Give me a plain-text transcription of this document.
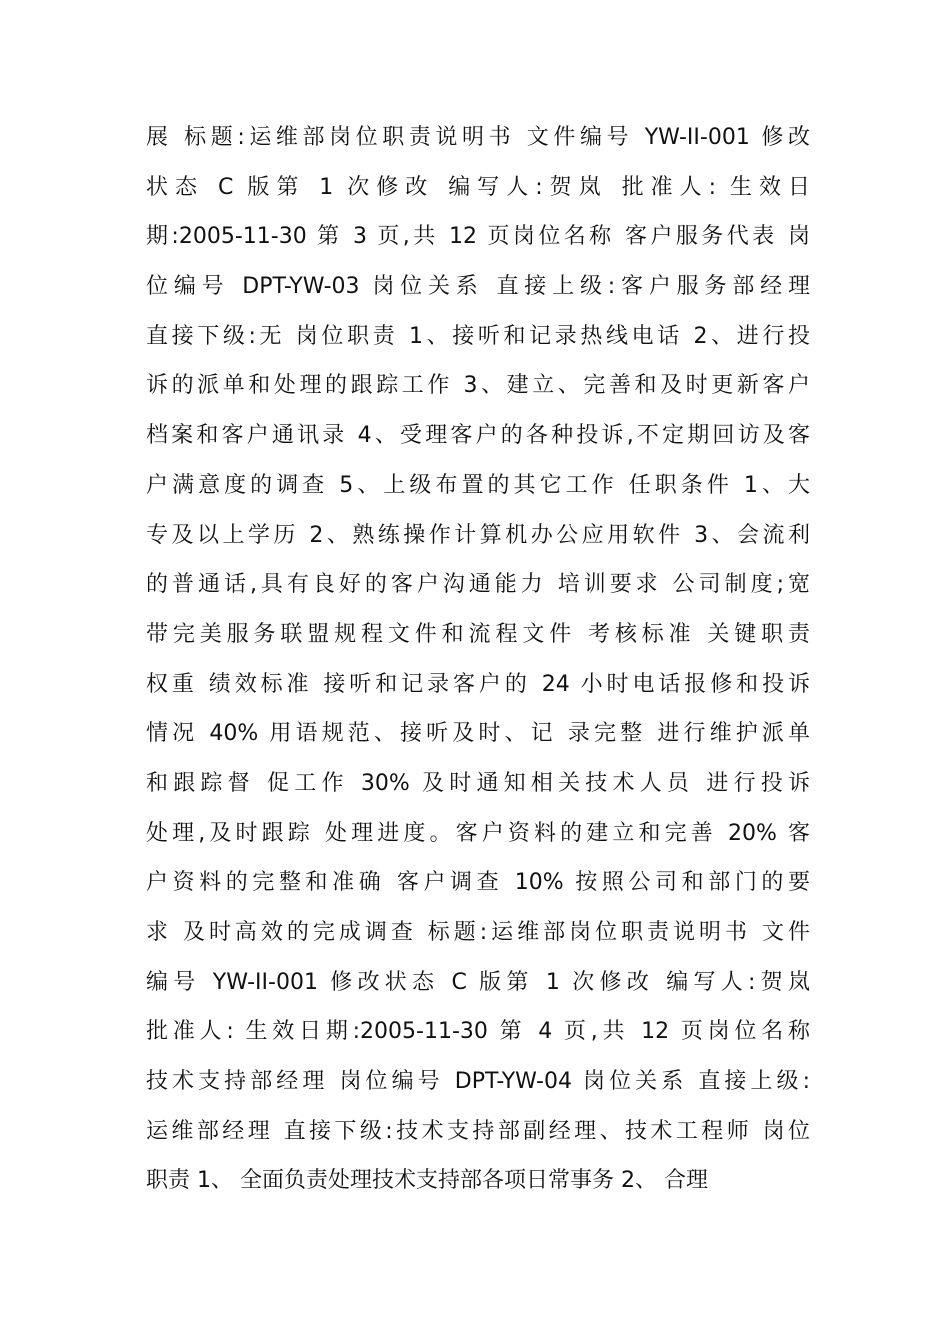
展 标题:运维部岗位职责说明书 文件编号 YW-II-001 修改
状态 C 版第 1 次修改 编写人:贺岚 批准人: 生效日
期:2005-11-30 第 3 页,共 12 页岗位名称 客户服务代表 岗
位编号 DPT-YW-03 岗位关系 直接上级:客户服务部经理
直接下级:无 岗位职责 1、接听和记录热线电话 2、进行投
诉的派单和处理的跟踪工作 3、建立、完善和及时更新客户
档案和客户通讯录 4、受理客户的各种投诉,不定期回访及客
户满意度的调查 5、上级布置的其它工作 任职条件 1、大
专及以上学历 2、熟练操作计算机办公应用软件 3、会流利
的普通话,具有良好的客户沟通能力 培训要求 公司制度;宽
带完美服务联盟规程文件和流程文件 考核标准 关键职责
权重 绩效标准 接听和记录客户的 24 小时电话报修和投诉
情况 40% 用语规范、接听及时、记 录完整 进行维护派单
和跟踪督 促工作 30% 及时通知相关技术人员 进行投诉
处理,及时跟踪 处理进度。客户资料的建立和完善 20% 客
户资料的完整和准确 客户调查 10% 按照公司和部门的要
求 及时高效的完成调查 标题:运维部岗位职责说明书 文件
编号 YW-II-001 修改状态 C 版第 1 次修改 编写人:贺岚
批准人: 生效日期:2005-11-30 第 4 页,共 12 页岗位名称
技术支持部经理 岗位编号 DPT-YW-04 岗位关系 直接上级:
运维部经理 直接下级:技术支持部副经理、技术工程师 岗位
职责 1、 全面负责处理技术支持部各项日常事务 2、 合理
